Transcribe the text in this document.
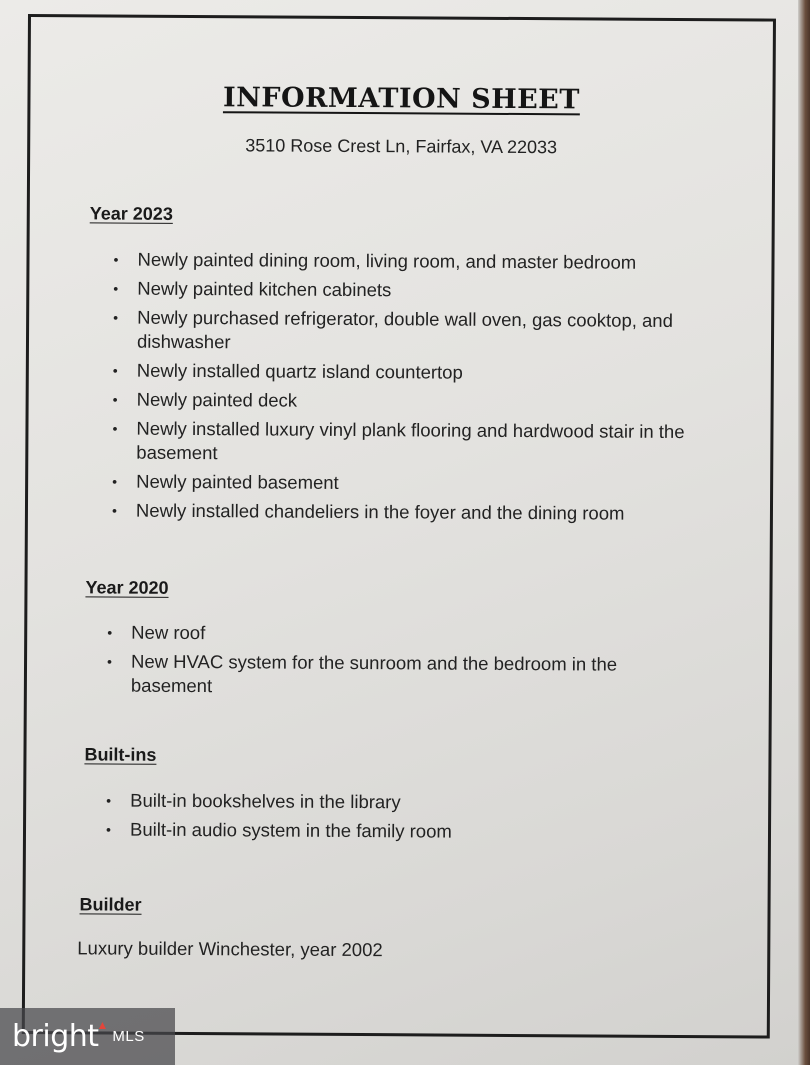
INFORMATION SHEET
3510 Rose Crest Ln, Fairfax, VA 22033
Year 2023
• Newly painted dining room, living room, and master bedroom
• Newly painted kitchen cabinets
• Newly purchased refrigerator, double wall oven, gas cooktop, and dishwasher
• Newly installed quartz island countertop
• Newly painted deck
• Newly installed luxury vinyl plank flooring and hardwood stair in the basement
• Newly painted basement
• Newly installed chandeliers in the foyer and the dining room
Year 2020
• New roof
• New HVAC system for the sunroom and the bedroom in the basement
Built-ins
• Built-in bookshelves in the library
• Built-in audio system in the family room
Builder
Luxury builder Winchester, year 2002
bright
▲
MLS
